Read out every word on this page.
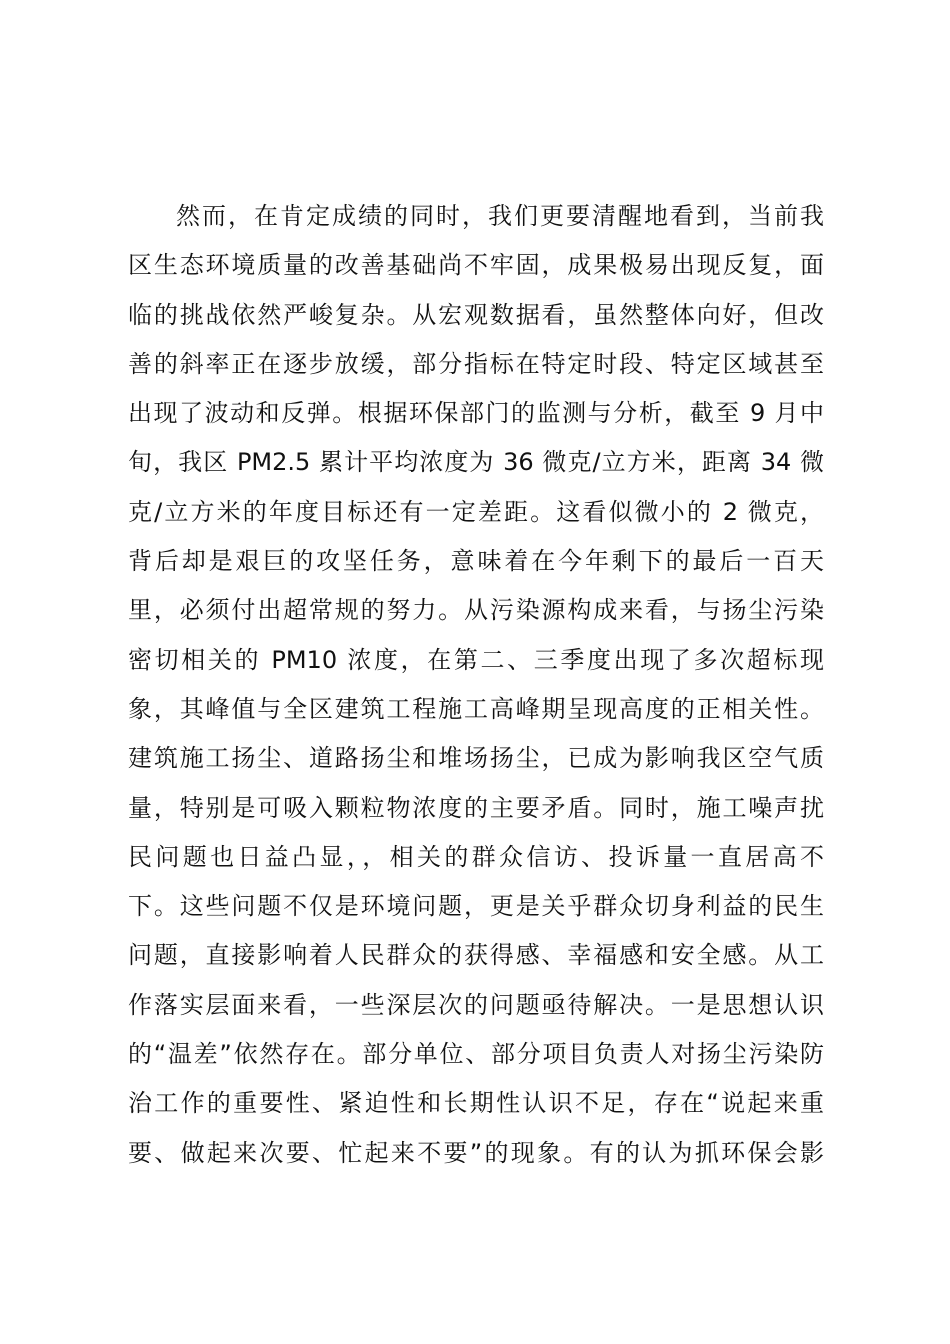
然而，在肯定成绩的同时，我们更要清醒地看到，当前我
区生态环境质量的改善基础尚不牢固，成果极易出现反复，面
临的挑战依然严峻复杂。从宏观数据看，虽然整体向好，但改
善的斜率正在逐步放缓，部分指标在特定时段、特定区域甚至
出现了波动和反弹。根据环保部门的监测与分析，截至 9 月中
旬，我区 PM2.5 累计平均浓度为 36 微克/立方米，距离 34 微
克/立方米的年度目标还有一定差距。这看似微小的 2 微克，
背后却是艰巨的攻坚任务，意味着在今年剩下的最后一百天
里，必须付出超常规的努力。从污染源构成来看，与扬尘污染
密切相关的 PM10 浓度，在第二、三季度出现了多次超标现
象，其峰值与全区建筑工程施工高峰期呈现高度的正相关性。
建筑施工扬尘、道路扬尘和堆场扬尘，已成为影响我区空气质
量，特别是可吸入颗粒物浓度的主要矛盾。同时，施工噪声扰
民问题也日益凸显，，相关的群众信访、投诉量一直居高不
下。这些问题不仅是环境问题，更是关乎群众切身利益的民生
问题，直接影响着人民群众的获得感、幸福感和安全感。从工
作落实层面来看，一些深层次的问题亟待解决。一是思想认识
的“温差”依然存在。部分单位、部分项目负责人对扬尘污染防
治工作的重要性、紧迫性和长期性认识不足，存在“说起来重
要、做起来次要、忙起来不要”的现象。有的认为抓环保会影
